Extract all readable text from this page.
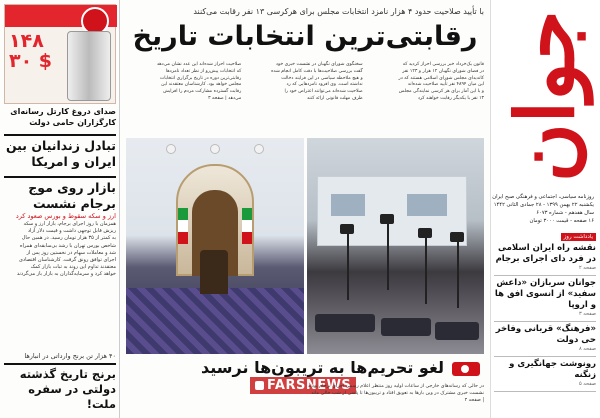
جوان
روزنامه سیاسی، اجتماعی و فرهنگی صبح ایران
یکشنبه ۲۲ بهمن ۱۳۹۹ - ۲۸ جمادی الثانی ۱۴۴۲
سال هفدهم - شماره ۶۰۷۳
۱۶ صفحه - قیمت ۳۰۰۰ تومان
یادداشت روز
نقشه راه ایران اسلامی در فرد دای اجرای برجام
صفحه ۲
جوانان سربازان «داعش سفید» از انسوی افق ها و اروپا
صفحه ۳
«فرهنگ» قربانی وفاخر حی دولت
صفحه ۸
رونوشت جهانگیری و زنگنه
صفحه ۵
۱۴۸
۳۰ $
صدای دروغ کارتل رسانه‌ای کارگزاران حامی دولت
تبادل زندانیان بین ایران و امریکا
بازار روی موج برجام نشست
ارز و سکه سقوط و بورس صعود کرد
همزمان با روز اجرای برجام، بازار ارز و سکه
ریزش قابل توجهی داشت و قیمت دلار آزاد
به کمتر از ۳۵ هزار تومان رسید. در همین حال
شاخص بورس تهران با رشد بی‌سابقه‌ای همراه
شد و معاملات سهام در نخستین روز پس از
اجرای توافق رونق گرفت. کارشناسان اقتصادی
معتقدند تداوم این روند به ثبات بازار کمک
خواهد کرد و سرمایه‌گذاران به بازار باز می‌گردند
۴۰ هزار تن برنج وارداتی در انبارها
برنج تاریخ گذشته دولتی در سفره ملت!
با تأیید صلاحیت حدود ۴ هزار نامزد انتخابات مجلس برای هرکرسی ۱۳ نفر رقابت می‌کنند
رقابتی‌ترین انتخابات تاریخ
قانون یک‌خرداد خبر بررسی احراز کردید که
در فضای شورای نگهبان ۱۲ هزار و ۱۲۳ نفر
کاندیدای مجلس شورای اسلامی هستند که در
این میان ۴۸۹۴ نفر تأیید صلاحیت شده‌اند
و با این آمار برای هر کرسی نمایندگی مجلس
۱۳ نفر با یکدیگر رقابت خواهند کرد
سخنگوی شورای نگهبان در نشست خبری خود
گفت بررسی صلاحیت‌ها با دقت کامل انجام شده
و هیچ ملاحظه سیاسی در این فرایند دخالت
نداشته است. وی افزود نامزدهایی که رد
صلاحیت شده‌اند می‌توانند اعتراض خود را
ظرف مهلت قانونی ارائه کنند
صلاحیت احراز شده‌اند این عدد نشان می‌دهد
که انتخابات پیش‌رو از نظر تعداد نامزدها
رقابتی‌ترین دوره در تاریخ برگزاری انتخابات
مجلس خواهد بود. کارشناسان معتقدند این
رقابت گسترده مشارکت مردم را افزایش
می‌دهد | صفحه ۳
FARSNEWS
لغو تحریم‌ها به تریبون‌ها نرسید
در حالی که رسانه‌های خارجی از ساعات اولیه روز منتظر اعلام رسمی اجرای برجام بودند
نشست خبری مشترک در وین بارها به تعویق افتاد و تریبون‌ها تا پاسی از شب خالی ماند
| صفحه ۴
